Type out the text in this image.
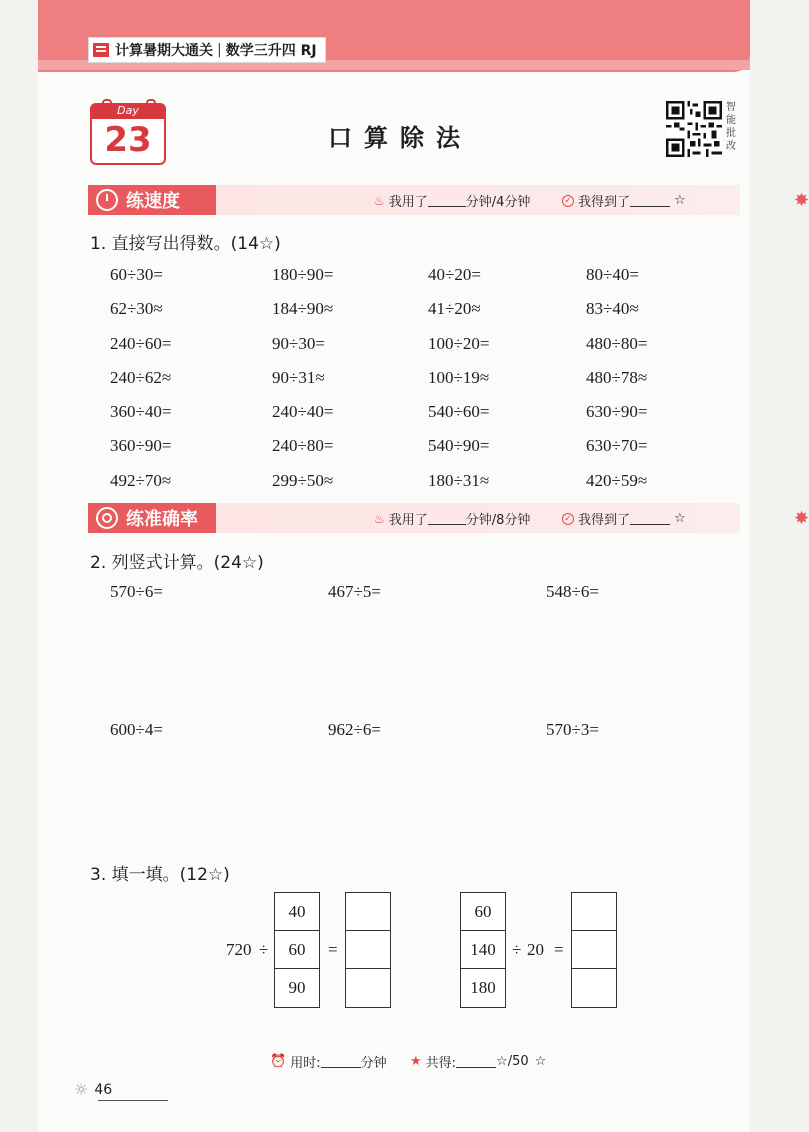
计算暑期大通关 | 数学三升四 RJ
Day
23	口算除法
智能批改
练速度	♨ 我用了	分钟/4分钟	✓ 我得到了	☆	✸
1. 直接写出得数。(14☆)
60÷30=	180÷90=	40÷20=	80÷40=
62÷30≈	184÷90≈	41÷20≈	83÷40≈
240÷60=	90÷30=	100÷20=	480÷80=
240÷62≈	90÷31≈	100÷19≈	480÷78≈
360÷40=	240÷40=	540÷60=	630÷90=
360÷90=	240÷80=	540÷90=	630÷70=
492÷70≈	299÷50≈	180÷31≈	420÷59≈
练准确率	♨ 我用了	分钟/8分钟	✓ 我得到了	☆	✸
2. 列竖式计算。(24☆)
570÷6=	467÷5=	548÷6=
600÷4=	962÷6=	570÷3=
3. 填一填。(12☆)
720 ÷
40
60
90
=
60
140
180
÷ 20 =
⏰ 用时:	分钟 ★ 共得:	☆/50 ☆
☼ 46
